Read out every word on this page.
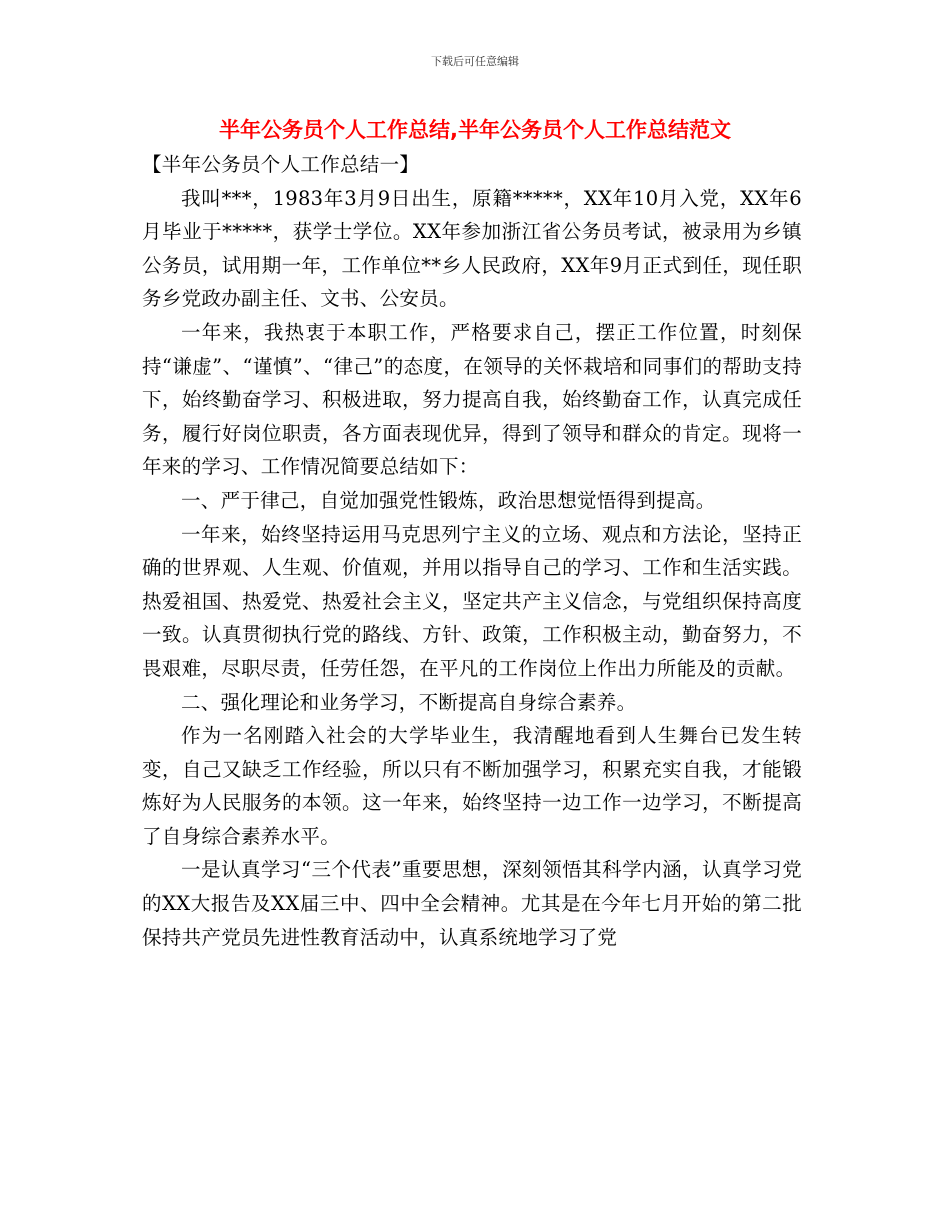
下载后可任意编辑
半年公务员个人工作总结,半年公务员个人工作总结范文

【半年公务员个人工作总结一】

我叫***，1983年3月9日出生，原籍*****，XX年10月入党，XX年6月毕业于*****，获学士学位。XX年参加浙江省公务员考试，被录用为乡镇公务员，试用期一年，工作单位**乡人民政府，XX年9月正式到任，现任职务乡党政办副主任、文书、公安员。

一年来，我热衷于本职工作，严格要求自己，摆正工作位置，时刻保持“谦虚”、“谨慎”、“律己”的态度，在领导的关怀栽培和同事们的帮助支持下，始终勤奋学习、积极进取，努力提高自我，始终勤奋工作，认真完成任务，履行好岗位职责，各方面表现优异，得到了领导和群众的肯定。现将一年来的学习、工作情况简要总结如下：

一、严于律己，自觉加强党性锻炼，政治思想觉悟得到提高。

一年来，始终坚持运用马克思列宁主义的立场、观点和方法论，坚持正确的世界观、人生观、价值观，并用以指导自己的学习、工作和生活实践。热爱祖国、热爱党、热爱社会主义，坚定共产主义信念，与党组织保持高度一致。认真贯彻执行党的路线、方针、政策，工作积极主动，勤奋努力，不畏艰难，尽职尽责，任劳任怨，在平凡的工作岗位上作出力所能及的贡献。

二、强化理论和业务学习，不断提高自身综合素养。

作为一名刚踏入社会的大学毕业生，我清醒地看到人生舞台已发生转变，自己又缺乏工作经验，所以只有不断加强学习，积累充实自我，才能锻炼好为人民服务的本领。这一年来，始终坚持一边工作一边学习，不断提高了自身综合素养水平。

一是认真学习“三个代表”重要思想，深刻领悟其科学内涵，认真学习党的XX大报告及XX届三中、四中全会精神。尤其是在今年七月开始的第二批保持共产党员先进性教育活动中，认真系统地学习了党
